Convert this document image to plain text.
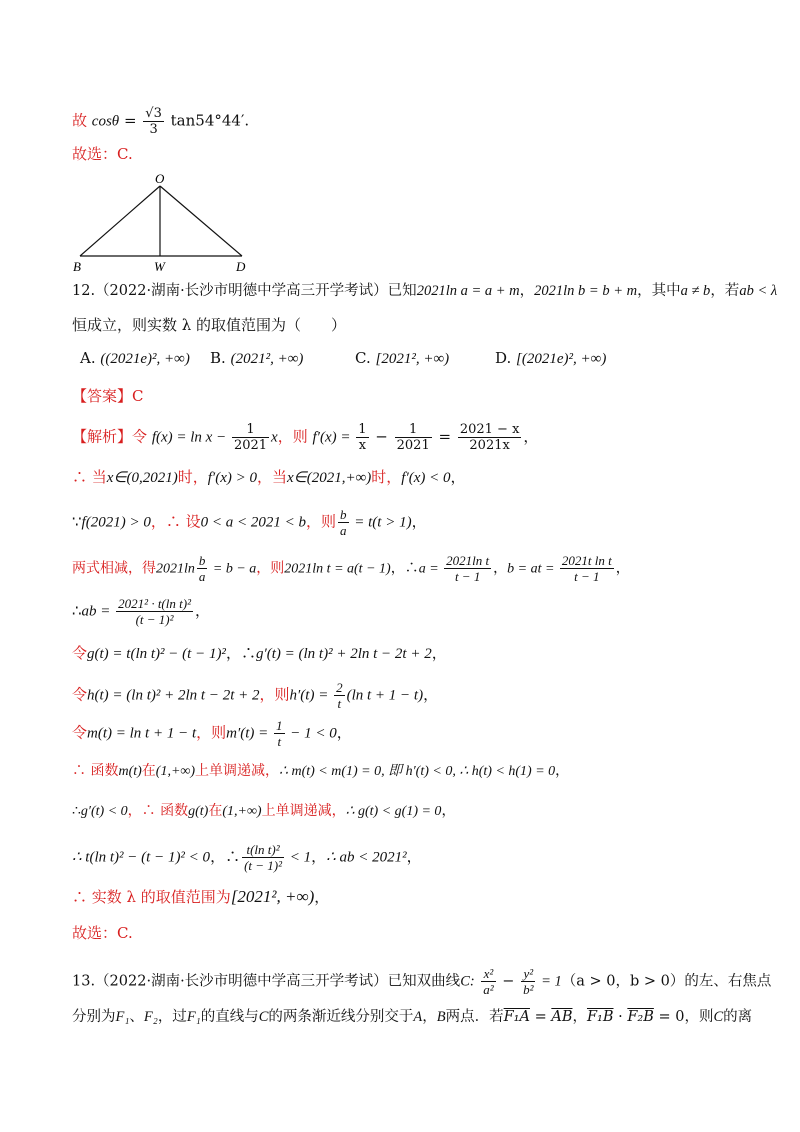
故 $\cos\theta = \frac{√3}{3} \tan 54^\circ 44'$.
故选：C.
O
B	W	D
12.（2022·湖南·长沙市明德中学高三开学考试）已知2021ln a = a + m，2021ln b = b + m，其中a ≠ b，若ab < λ
恒成立，则实数 λ 的取值范围为（　　）
A. ((2021e)², +∞) B. (2021², +∞)	C. [2021², +∞)	D. [(2021e)², +∞)
【答案】C
【解析】令 $f(x) = \ln x - \frac{1}{2021}$ x，则 $f'(x) = \frac{1}{x} - \frac{1}{2021} = \frac{2021 - x}{2021x}$ ，
∴ 当x∈(0,2021)时，f′(x) > 0，当x∈(2021,+∞)时，f′(x) < 0，
∵f(2021) > 0，∴ 设0 < a < 2021 < b，则 $\frac{b}{a} = t(t > 1)$，
两式相减，得$2021\ln \frac{b}{a} = b - a$，则2021ln t = a(t − 1)，∴a = $\frac{\text{2021ln t}}{t - 1}$ ，b = at = $\frac{\text{2021t ln t}}{t - 1}$ ，
∴ab = $\frac{\text{2021² · t(ln t)²}}{\text{(t − 1)²}}$ ，
令g(t) = t(ln t)² − (t − 1)²，∴g′(t) = (ln t)² + 2ln t − 2t + 2，
令h(t) = (ln t)² + 2ln t − 2t + 2，则$h'(t) = \frac{2}{t} (\ln$ t + 1 − t)，
令m(t) = ln t + 1 − t，则$m'(t) = \frac{1}{t} - 1 < 0$，
∴ 函数m(t)在(1,+∞)上单调递减，∴ m(t) < m(1) = 0, 即 h′(t) < 0, ∴ h(t) < h(1) = 0，
∴g′(t) < 0，∴ 函数g(t)在(1,+∞)上单调递减，∴ g(t) < g(1) = 0，
∴ t(ln t)² − (t − 1)² < 0，∴ $\frac{\text{t(ln t)²}}{\text{(t − 1)²}} < 1$，∴ ab < 2021²，
∴ 实数 λ 的取值范围为[2021², +∞)，
故选：C.
13.（2022·湖南·长沙市明德中学高三开学考试）已知双曲线C: $\frac{\text{x²}}{\text{a²}} - \frac{\text{y²}}{\text{b²}} = 1(a > 0$，b > 0）的左、右焦点
分别为F₁、F₂，过F₁的直线与C的两条渐近线分别交于A，B两点．若$F_1A = \overline{AB}$，F₁B · F₂B = 0，则C的离
